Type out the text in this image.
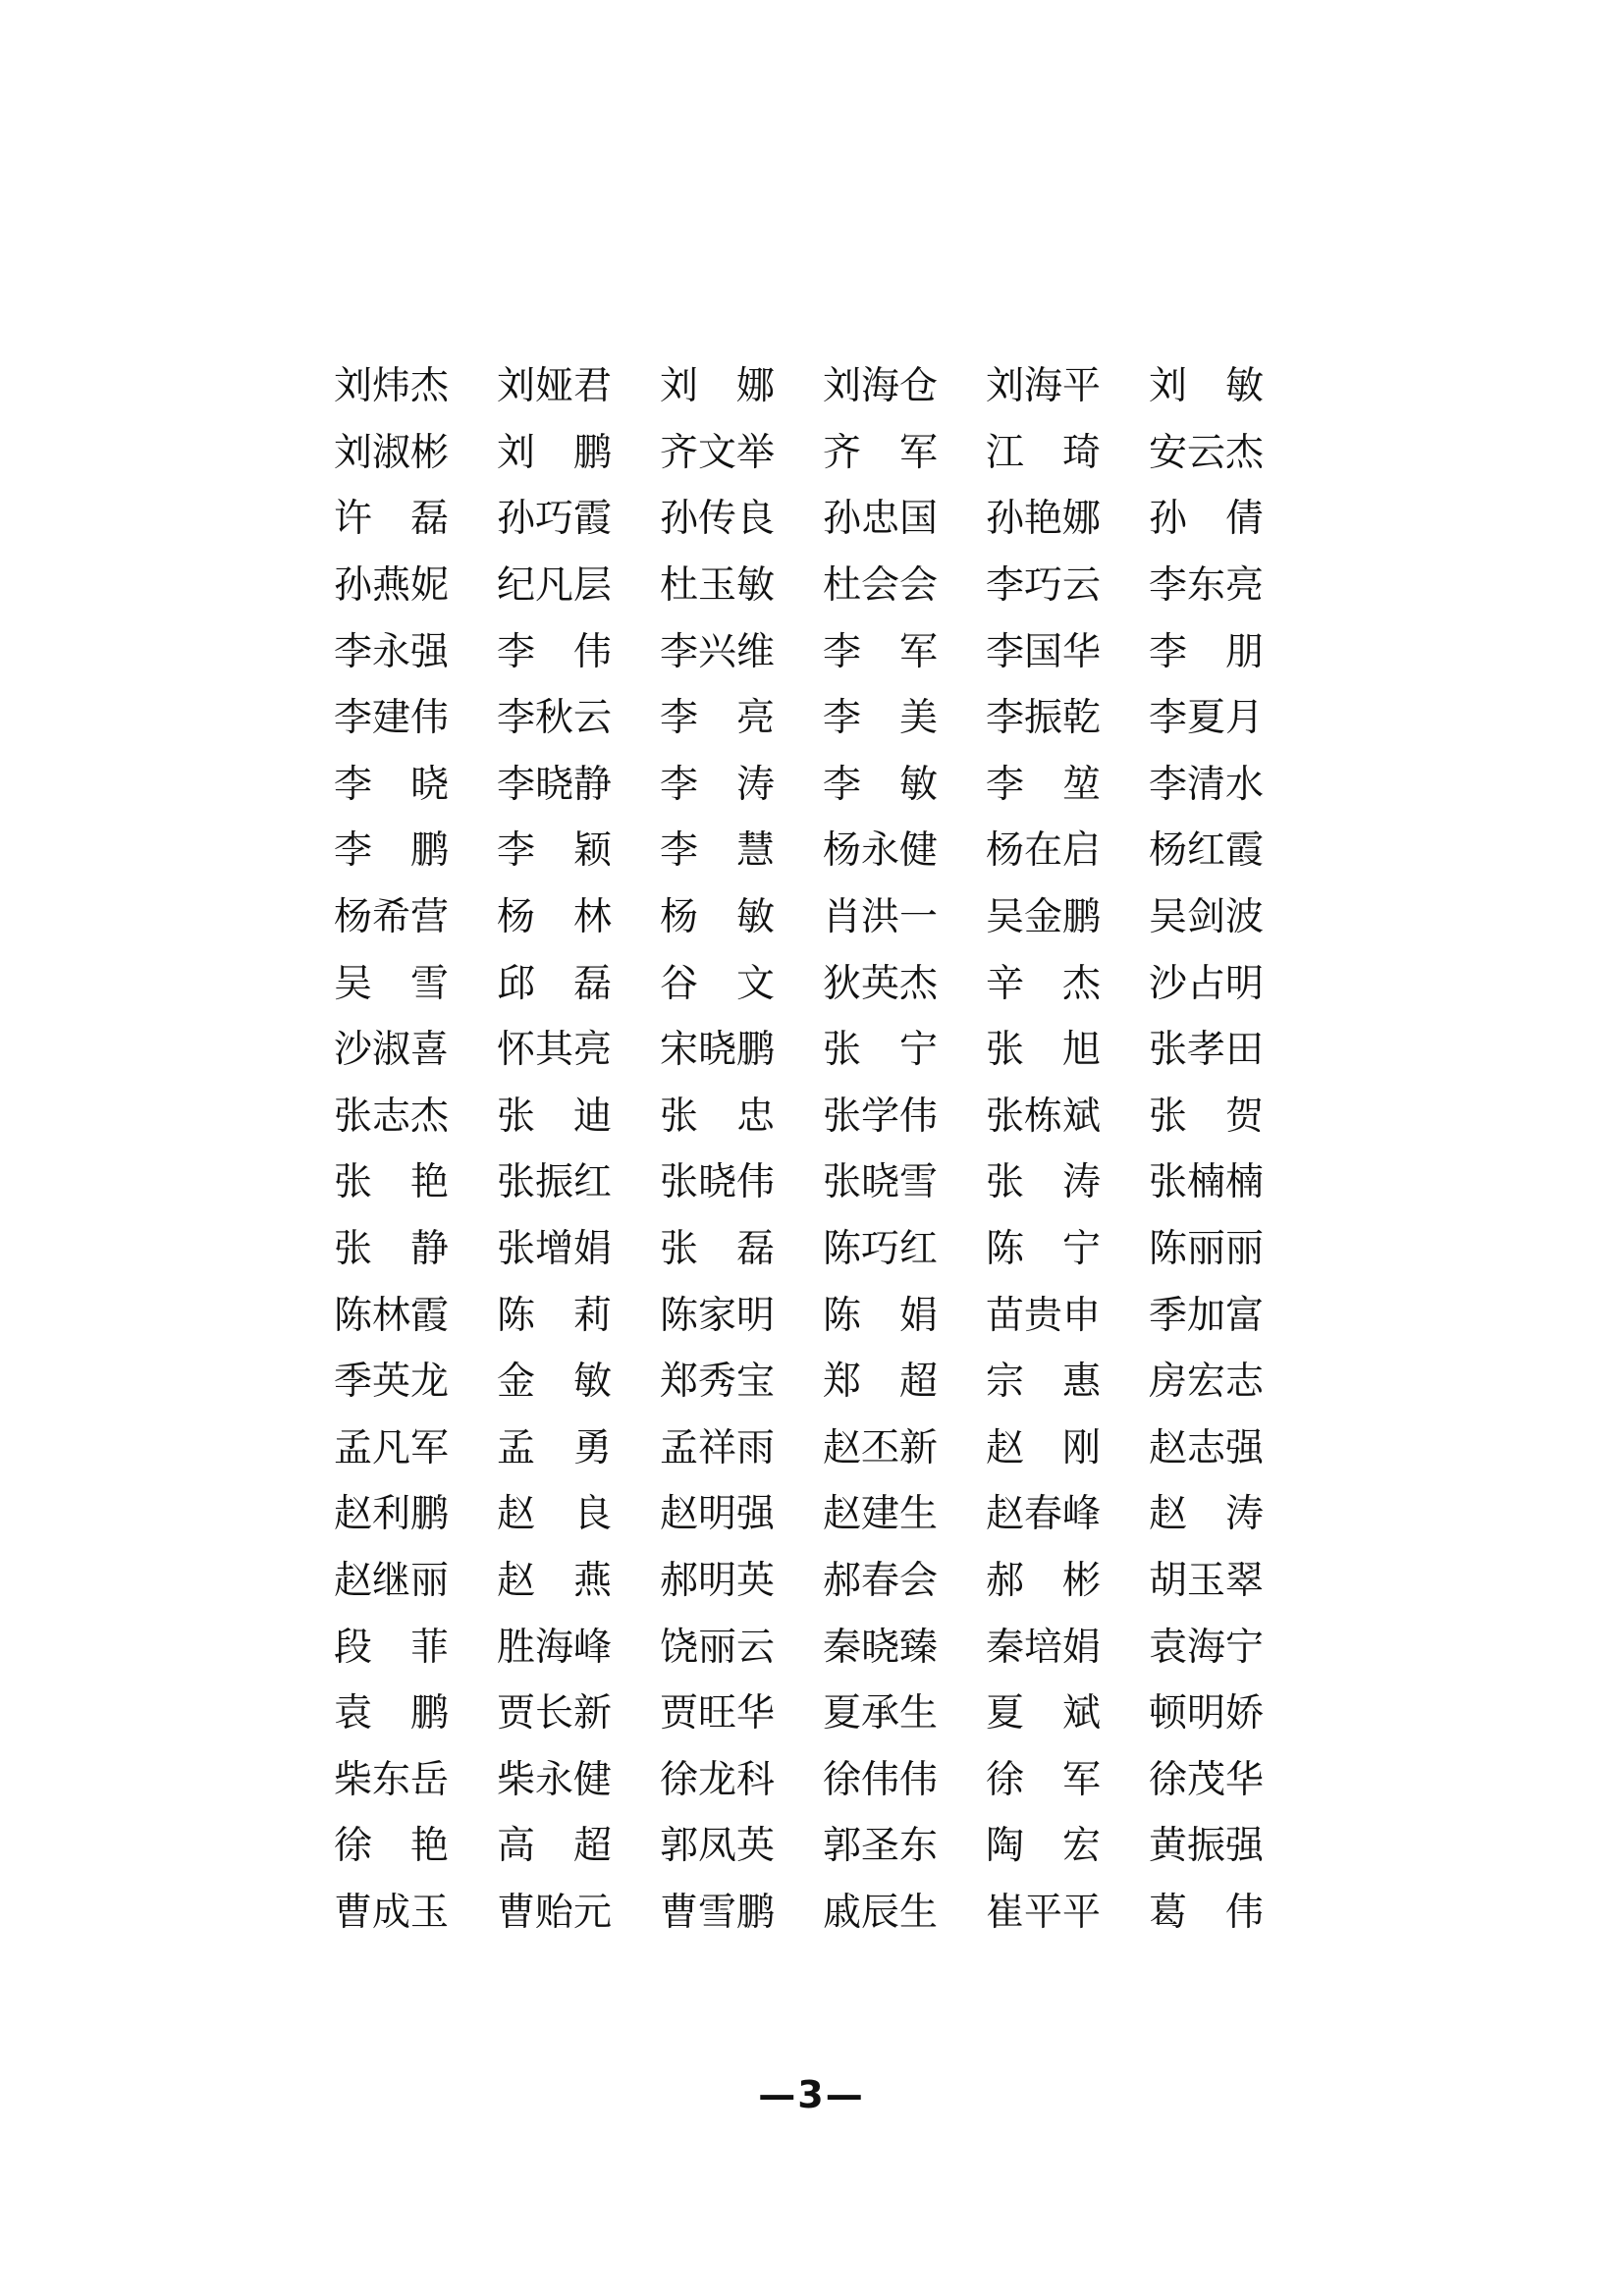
刘炜杰 刘娅君 刘　娜 刘海仓 刘海平 刘　敏
刘淑彬 刘　鹏 齐文举 齐　军 江　琦 安云杰
许　磊 孙巧霞 孙传良 孙忠国 孙艳娜 孙　倩
孙燕妮 纪凡层 杜玉敏 杜会会 李巧云 李东亮
李永强 李　伟 李兴维 李　军 李国华 李　朋
李建伟 李秋云 李　亮 李　美 李振乾 李夏月
李　晓 李晓静 李　涛 李　敏 李　堃 李清水
李　鹏 李　颖 李　慧 杨永健 杨在启 杨红霞
杨希营 杨　林 杨　敏 肖洪一 吴金鹏 吴剑波
吴　雪 邱　磊 谷　文 狄英杰 辛　杰 沙占明
沙淑喜 怀其亮 宋晓鹏 张　宁 张　旭 张孝田
张志杰 张　迪 张　忠 张学伟 张栋斌 张　贺
张　艳 张振红 张晓伟 张晓雪 张　涛 张楠楠
张　静 张增娟 张　磊 陈巧红 陈　宁 陈丽丽
陈林霞 陈　莉 陈家明 陈　娟 苗贵申 季加富
季英龙 金　敏 郑秀宝 郑　超 宗　惠 房宏志
孟凡军 孟　勇 孟祥雨 赵丕新 赵　刚 赵志强
赵利鹏 赵　良 赵明强 赵建生 赵春峰 赵　涛
赵继丽 赵　燕 郝明英 郝春会 郝　彬 胡玉翠
段　菲 胜海峰 饶丽云 秦晓臻 秦培娟 袁海宁
袁　鹏 贾长新 贾旺华 夏承生 夏　斌 顿明娇
柴东岳 柴永健 徐龙科 徐伟伟 徐　军 徐茂华
徐　艳 高　超 郭凤英 郭圣东 陶　宏 黄振强
曹成玉 曹贻元 曹雪鹏 戚辰生 崔平平 葛　伟
—3—
